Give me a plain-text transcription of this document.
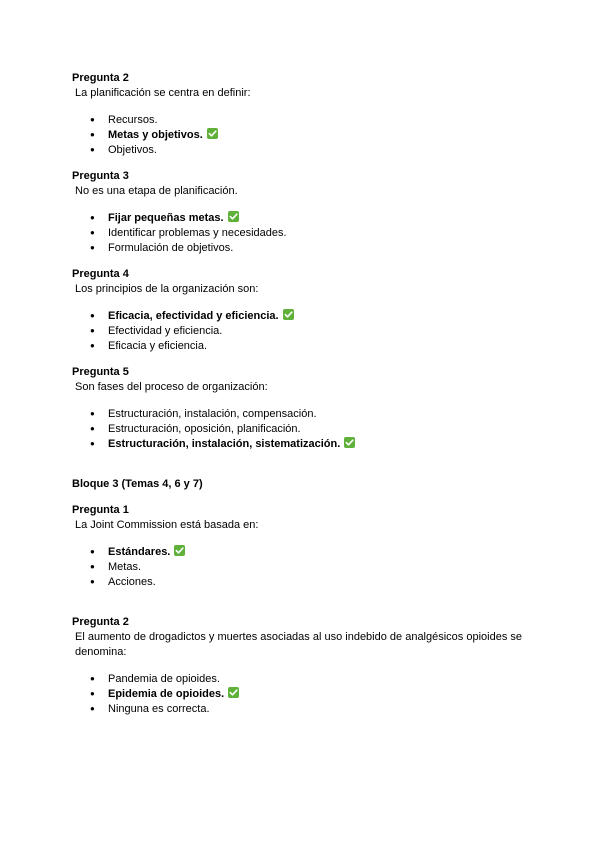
Pregunta 2
La planificación se centra en definir:
● Recursos.
● Metas y objetivos.
● Objetivos.
Pregunta 3
No es una etapa de planificación.
● Fijar pequeñas metas.
● Identificar problemas y necesidades.
● Formulación de objetivos.
Pregunta 4
Los principios de la organización son:
● Eficacia, efectividad y eficiencia.
● Efectividad y eficiencia.
● Eficacia y eficiencia.
Pregunta 5
Son fases del proceso de organización:
● Estructuración, instalación, compensación.
● Estructuración, oposición, planificación.
● Estructuración, instalación, sistematización.
Bloque 3 (Temas 4, 6 y 7)
Pregunta 1
La Joint Commission está basada en:
● Estándares.
● Metas.
● Acciones.
Pregunta 2
El aumento de drogadictos y muertes asociadas al uso indebido de analgésicos opioides se denomina:
● Pandemia de opioides.
● Epidemia de opioides.
● Ninguna es correcta.
